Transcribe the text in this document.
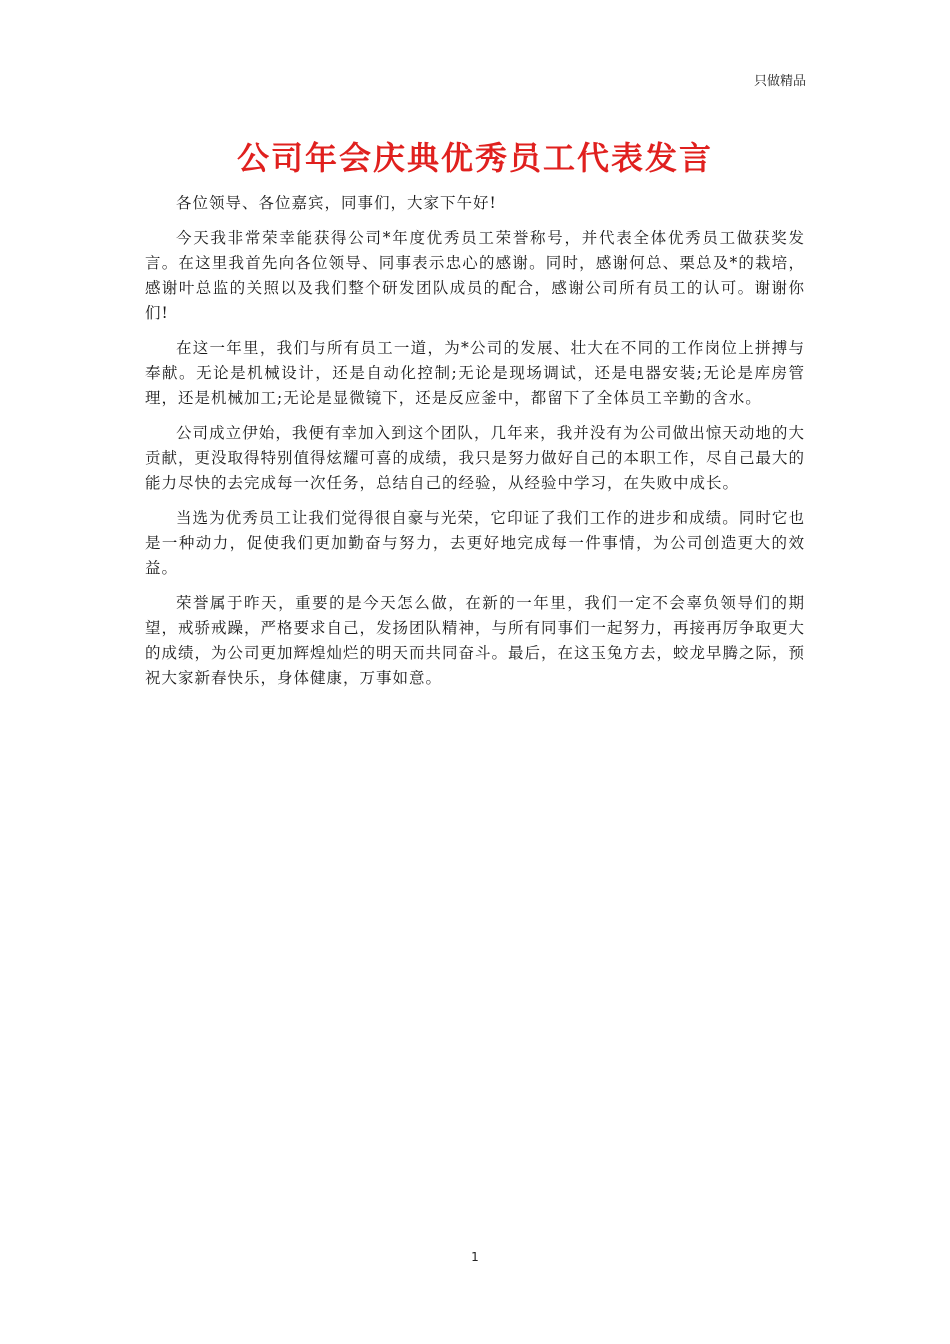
只做精品
公司年会庆典优秀员工代表发言

各位领导、各位嘉宾，同事们，大家下午好!

今天我非常荣幸能获得公司*年度优秀员工荣誉称号，并代表全体优秀员工做获奖发言。在这里我首先向各位领导、同事表示忠心的感谢。同时，感谢何总、栗总及*的栽培，感谢叶总监的关照以及我们整个研发团队成员的配合，感谢公司所有员工的认可。谢谢你们!

在这一年里，我们与所有员工一道，为*公司的发展、壮大在不同的工作岗位上拼搏与奉献。无论是机械设计，还是自动化控制;无论是现场调试，还是电器安装;无论是库房管理，还是机械加工;无论是显微镜下，还是反应釜中，都留下了全体员工辛勤的含水。

公司成立伊始，我便有幸加入到这个团队，几年来，我并没有为公司做出惊天动地的大贡献，更没取得特别值得炫耀可喜的成绩，我只是努力做好自己的本职工作，尽自己最大的能力尽快的去完成每一次任务，总结自己的经验，从经验中学习，在失败中成长。

当选为优秀员工让我们觉得很自豪与光荣，它印证了我们工作的进步和成绩。同时它也是一种动力，促使我们更加勤奋与努力，去更好地完成每一件事情，为公司创造更大的效益。

荣誉属于昨天，重要的是今天怎么做，在新的一年里，我们一定不会辜负领导们的期望，戒骄戒躁，严格要求自己，发扬团队精神，与所有同事们一起努力，再接再厉争取更大的成绩，为公司更加辉煌灿烂的明天而共同奋斗。最后，在这玉兔方去，蛟龙早腾之际，预祝大家新春快乐，身体健康，万事如意。

1
